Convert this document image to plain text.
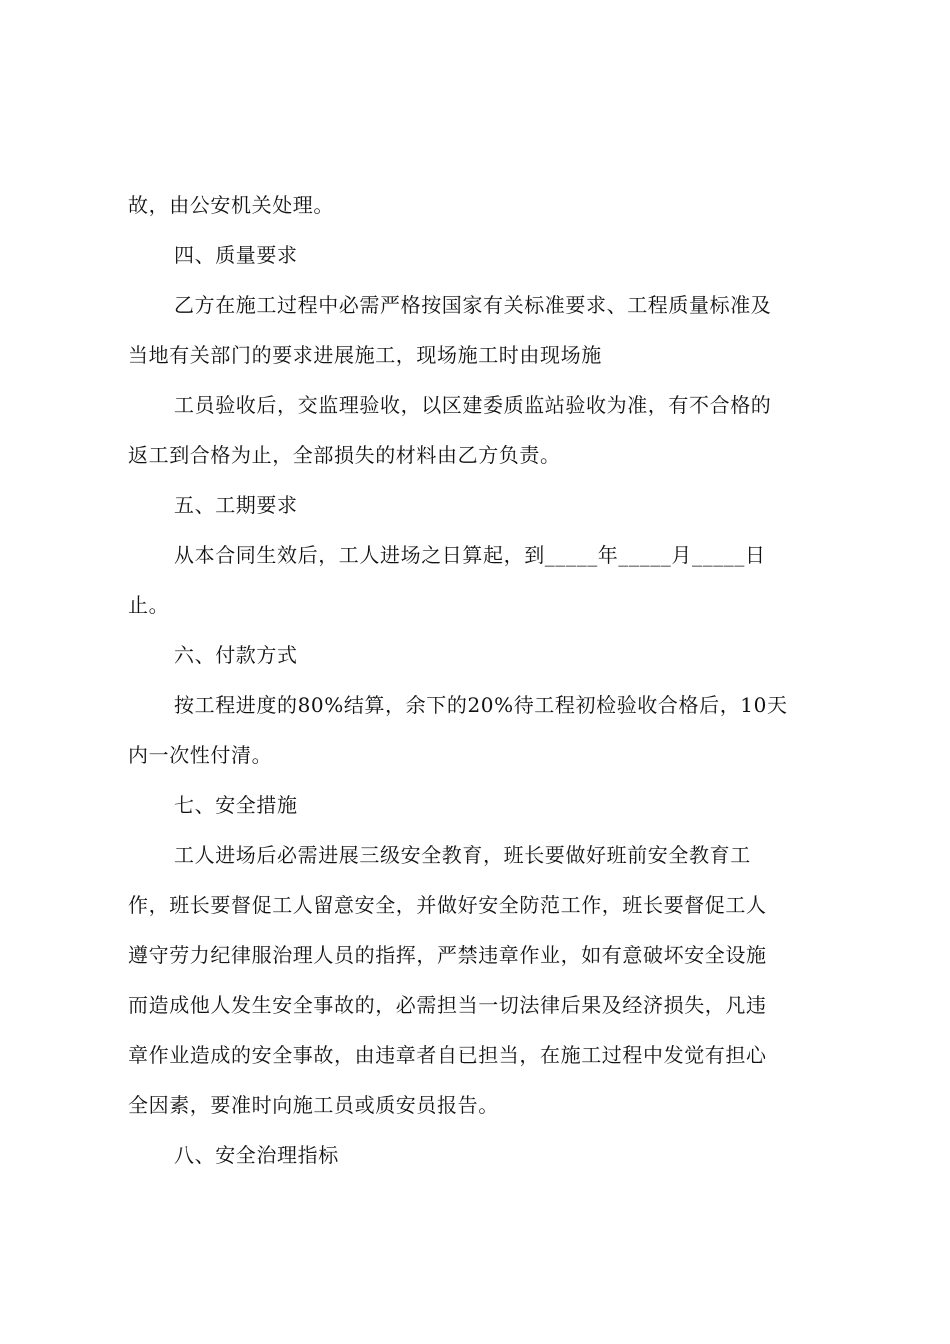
故，由公安机关处理。
四、质量要求
乙方在施工过程中必需严格按国家有关标准要求、工程质量标准及
当地有关部门的要求进展施工，现场施工时由现场施
工员验收后，交监理验收，以区建委质监站验收为准，有不合格的
返工到合格为止，全部损失的材料由乙方负责。
五、工期要求
从本合同生效后，工人进场之日算起，到_____年_____月_____日
止。
六、付款方式
按工程进度的80%结算，余下的20%待工程初检验收合格后，10天
内一次性付清。
七、安全措施
工人进场后必需进展三级安全教育，班长要做好班前安全教育工
作，班长要督促工人留意安全，并做好安全防范工作，班长要督促工人
遵守劳力纪律服治理人员的指挥，严禁违章作业，如有意破坏安全设施
而造成他人发生安全事故的，必需担当一切法律后果及经济损失，凡违
章作业造成的安全事故，由违章者自已担当，在施工过程中发觉有担心
全因素，要准时向施工员或质安员报告。
八、安全治理指标
